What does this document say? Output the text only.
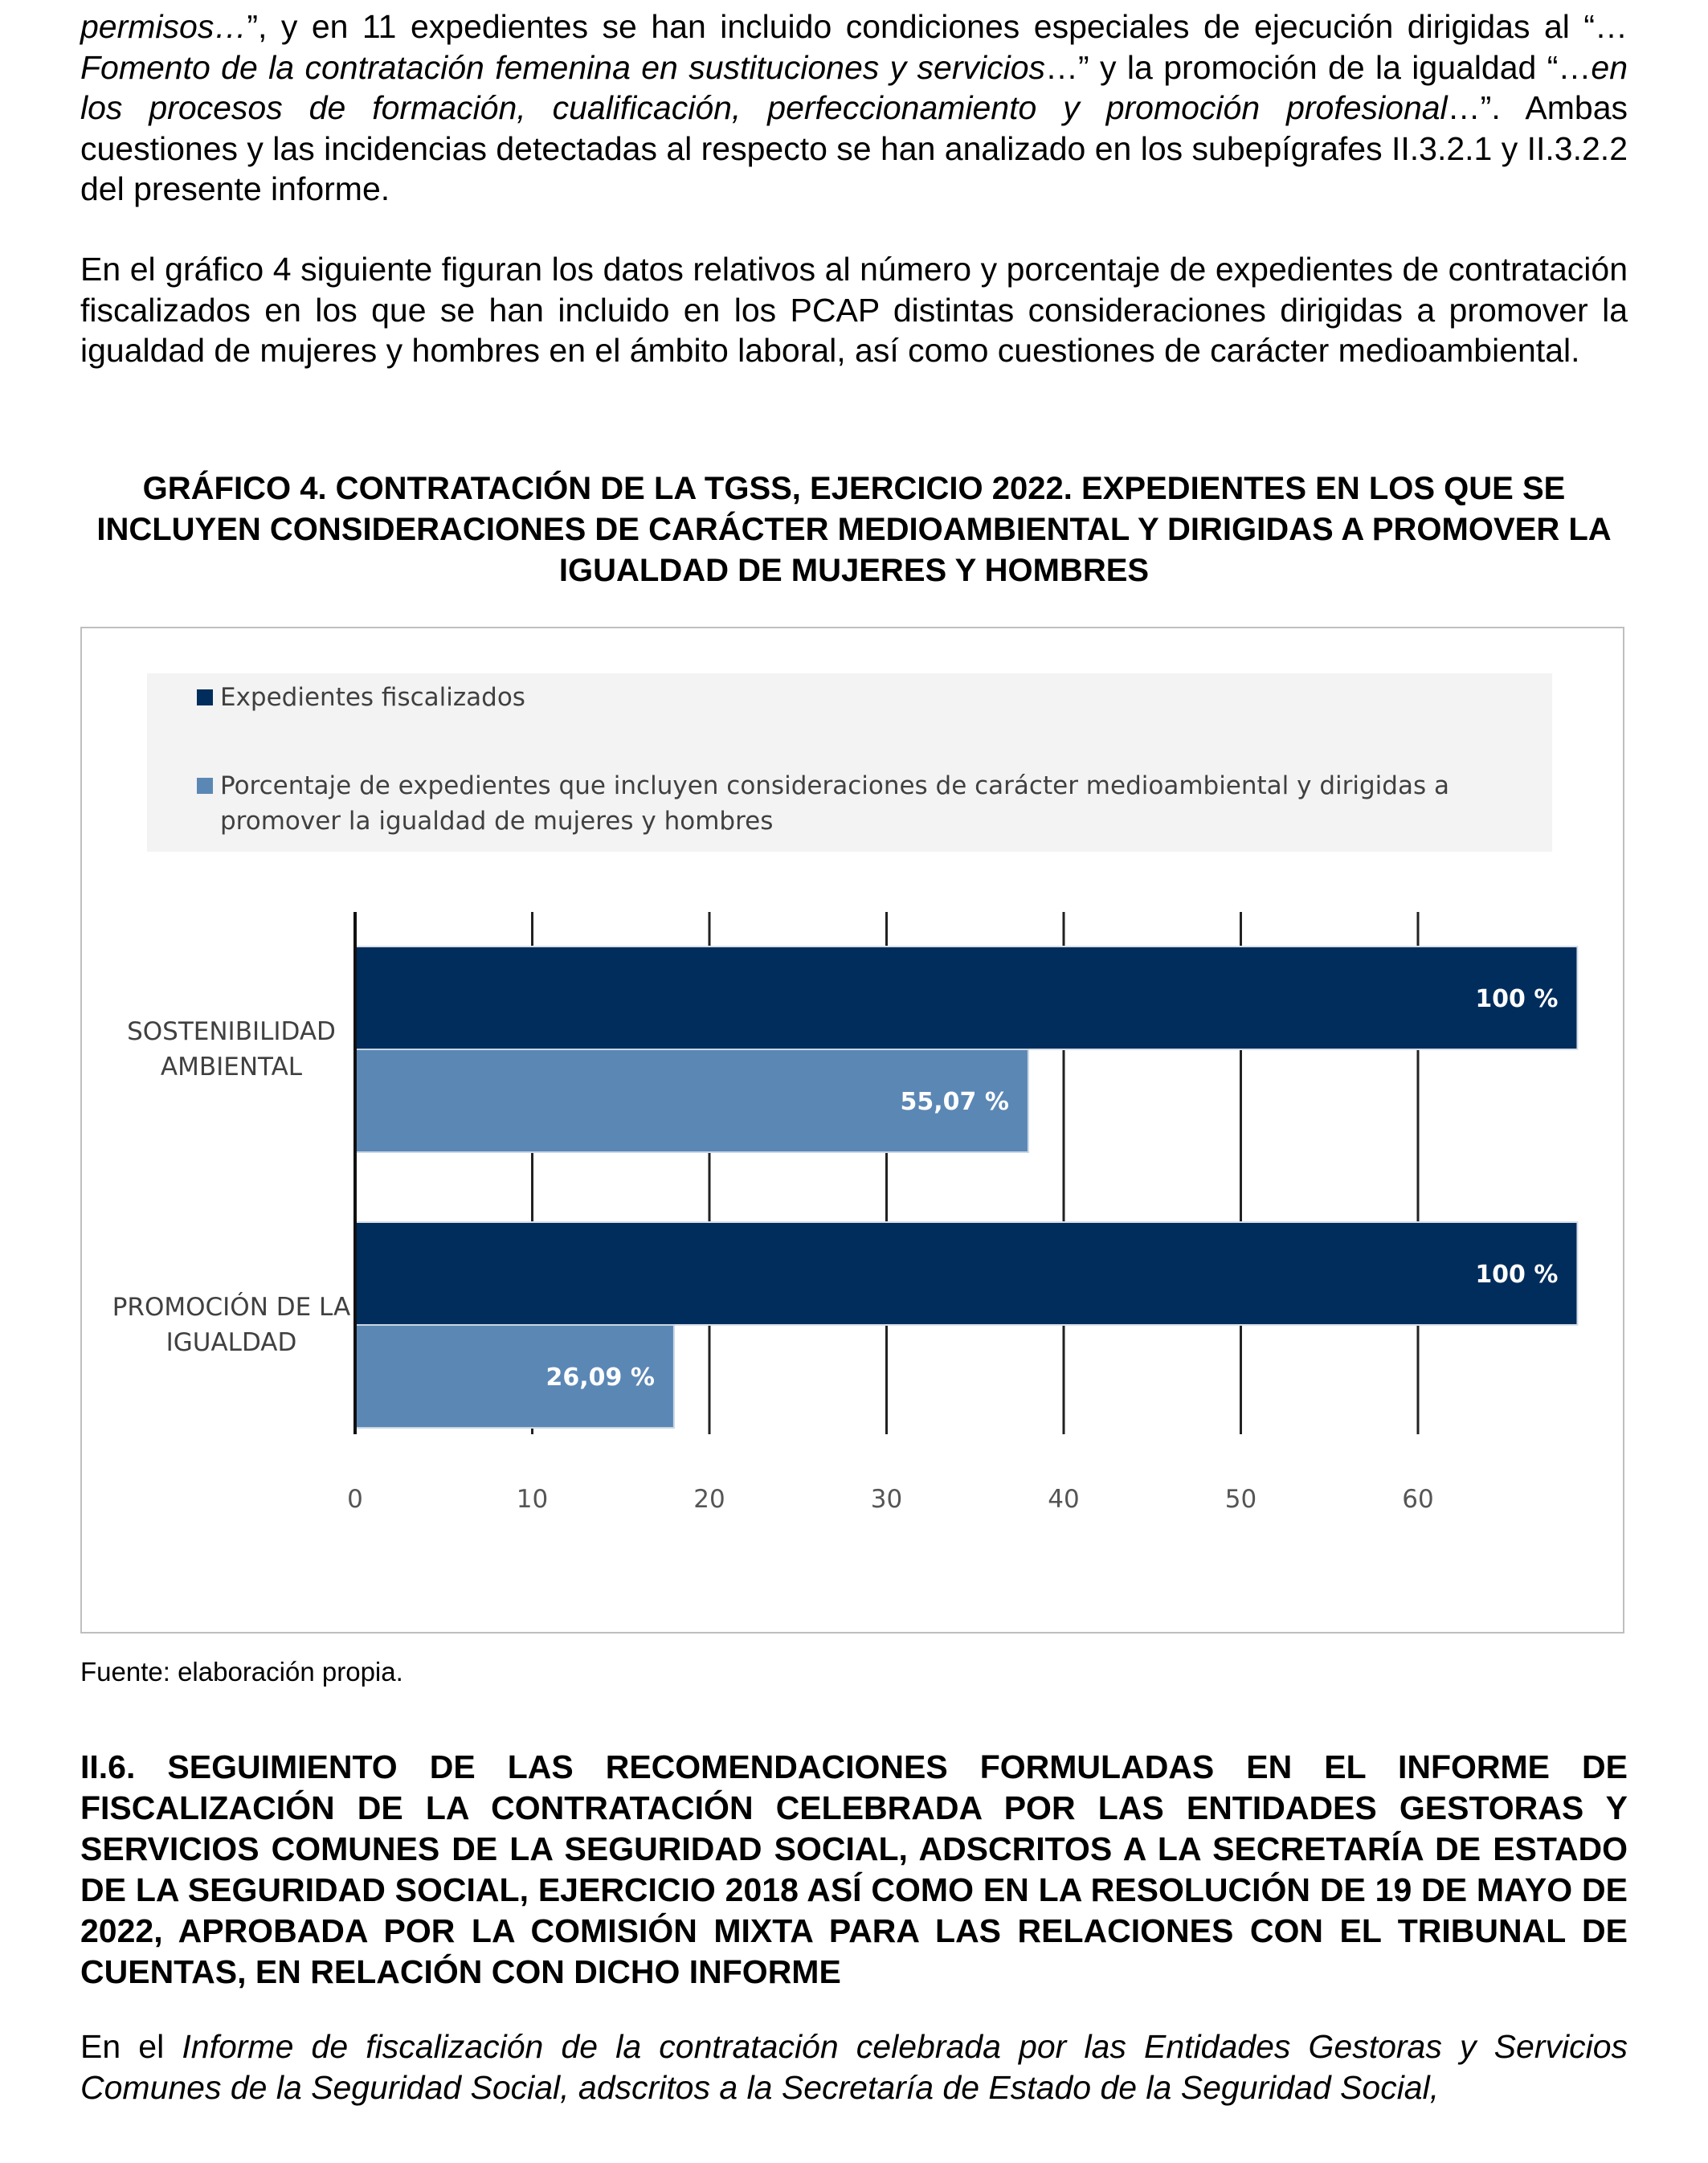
permisos…”, y en 11 expedientes se han incluido condiciones especiales de ejecución dirigidas al “…Fomento de la contratación femenina en sustituciones y servicios…” y la promoción de la igualdad “…en los procesos de formación, cualificación, perfeccionamiento y promoción profesional…”. Ambas cuestiones y las incidencias detectadas al respecto se han analizado en los subepígrafes II.3.2.1 y II.3.2.2 del presente informe.

En el gráfico 4 siguiente figuran los datos relativos al número y porcentaje de expedientes de contratación fiscalizados en los que se han incluido en los PCAP distintas consideraciones dirigidas a promover la igualdad de mujeres y hombres en el ámbito laboral, así como cuestiones de carácter medioambiental.

GRÁFICO 4. CONTRATACIÓN DE LA TGSS, EJERCICIO 2022. EXPEDIENTES EN LOS QUE SE INCLUYEN CONSIDERACIONES DE CARÁCTER MEDIOAMBIENTAL Y DIRIGIDAS A PROMOVER LA IGUALDAD DE MUJERES Y HOMBRES

Expedientes fiscalizados
Porcentaje de expedientes que incluyen consideraciones de carácter medioambiental y dirigidas a promover la igualdad de mujeres y hombres
100 %
100 %
55,07 %
26,09 %
0	10	20	30	40	50	60
SOSTENIBILIDAD
AMBIENTAL
PROMOCIÓN DE LA
IGUALDAD

Fuente: elaboración propia.

II.6. SEGUIMIENTO DE LAS RECOMENDACIONES FORMULADAS EN EL INFORME DE FISCALIZACIÓN DE LA CONTRATACIÓN CELEBRADA POR LAS ENTIDADES GESTORAS Y SERVICIOS COMUNES DE LA SEGURIDAD SOCIAL, ADSCRITOS A LA SECRETARÍA DE ESTADO DE LA SEGURIDAD SOCIAL, EJERCICIO 2018 ASÍ COMO EN LA RESOLUCIÓN DE 19 DE MAYO DE 2022, APROBADA POR LA COMISIÓN MIXTA PARA LAS RELACIONES CON EL TRIBUNAL DE CUENTAS, EN RELACIÓN CON DICHO INFORME

En el Informe de fiscalización de la contratación celebrada por las Entidades Gestoras y Servicios Comunes de la Seguridad Social, adscritos a la Secretaría de Estado de la Seguridad Social,
